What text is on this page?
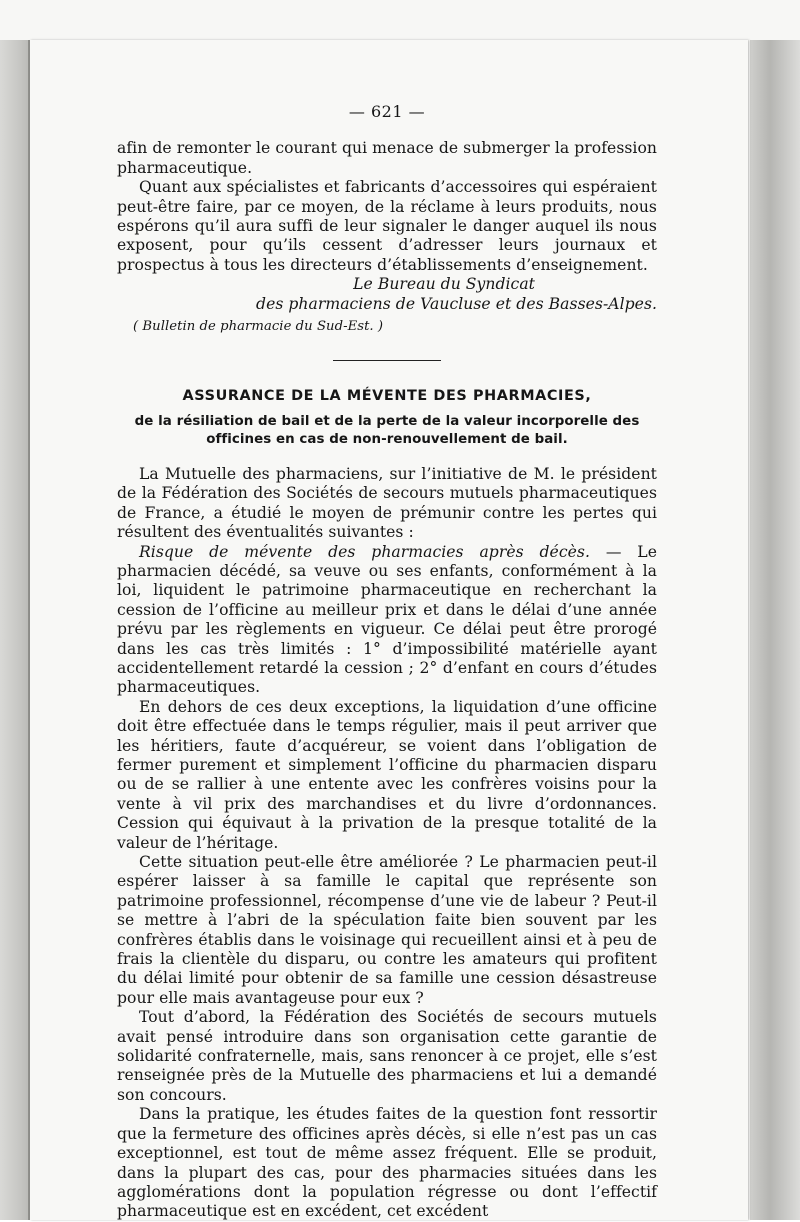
— 621 —

afin de remonter le courant qui menace de submerger la profession pharmaceutique.

Quant aux spécialistes et fabricants d’accessoires qui espéraient peut-être faire, par ce moyen, de la réclame à leurs produits, nous espérons qu’il aura suffi de leur signaler le danger auquel ils nous exposent, pour qu’ils cessent d’adresser leurs journaux et prospectus à tous les directeurs d’établissements d’enseignement.

Le Bureau du Syndicat

des pharmaciens de Vaucluse et des Basses-Alpes.

( Bulletin de pharmacie du Sud-Est. )

ASSURANCE DE LA MÉVENTE DES PHARMACIES,

de la résiliation de bail et de la perte de la valeur incorporelle des officines en cas de non-renouvellement de bail.

La Mutuelle des pharmaciens, sur l’initiative de M. le président de la Fédération des Sociétés de secours mutuels pharmaceutiques de France, a étudié le moyen de prémunir contre les pertes qui résultent des éventualités suivantes :

Risque de mévente des pharmacies après décès. — Le pharmacien décédé, sa veuve ou ses enfants, conformément à la loi, liquident le patrimoine pharmaceutique en recherchant la cession de l’officine au meilleur prix et dans le délai d’une année prévu par les règlements en vigueur. Ce délai peut être prorogé dans les cas très limités : 1° d’impossibilité matérielle ayant accidentellement retardé la cession ; 2° d’enfant en cours d’études pharmaceutiques.

En dehors de ces deux exceptions, la liquidation d’une officine doit être effectuée dans le temps régulier, mais il peut arriver que les héritiers, faute d’acquéreur, se voient dans l’obligation de fermer purement et simplement l’officine du pharmacien disparu ou de se rallier à une entente avec les confrères voisins pour la vente à vil prix des marchandises et du livre d’ordonnances. Cession qui équivaut à la privation de la presque totalité de la valeur de l’héritage.

Cette situation peut-elle être améliorée ? Le pharmacien peut-il espérer laisser à sa famille le capital que représente son patrimoine professionnel, récompense d’une vie de labeur ? Peut-il se mettre à l’abri de la spéculation faite bien souvent par les confrères établis dans le voisinage qui recueillent ainsi et à peu de frais la clientèle du disparu, ou contre les amateurs qui profitent du délai limité pour obtenir de sa famille une cession désastreuse pour elle mais avantageuse pour eux ?

Tout d’abord, la Fédération des Sociétés de secours mutuels avait pensé introduire dans son organisation cette garantie de solidarité confraternelle, mais, sans renoncer à ce projet, elle s’est renseignée près de la Mutuelle des pharmaciens et lui a demandé son concours.

Dans la pratique, les études faites de la question font ressortir que la fermeture des officines après décès, si elle n’est pas un cas exceptionnel, est tout de même assez fréquent. Elle se produit, dans la plupart des cas, pour des pharmacies situées dans les agglomérations dont la population régresse ou dont l’effectif pharmaceutique est en excédent, cet excédent
